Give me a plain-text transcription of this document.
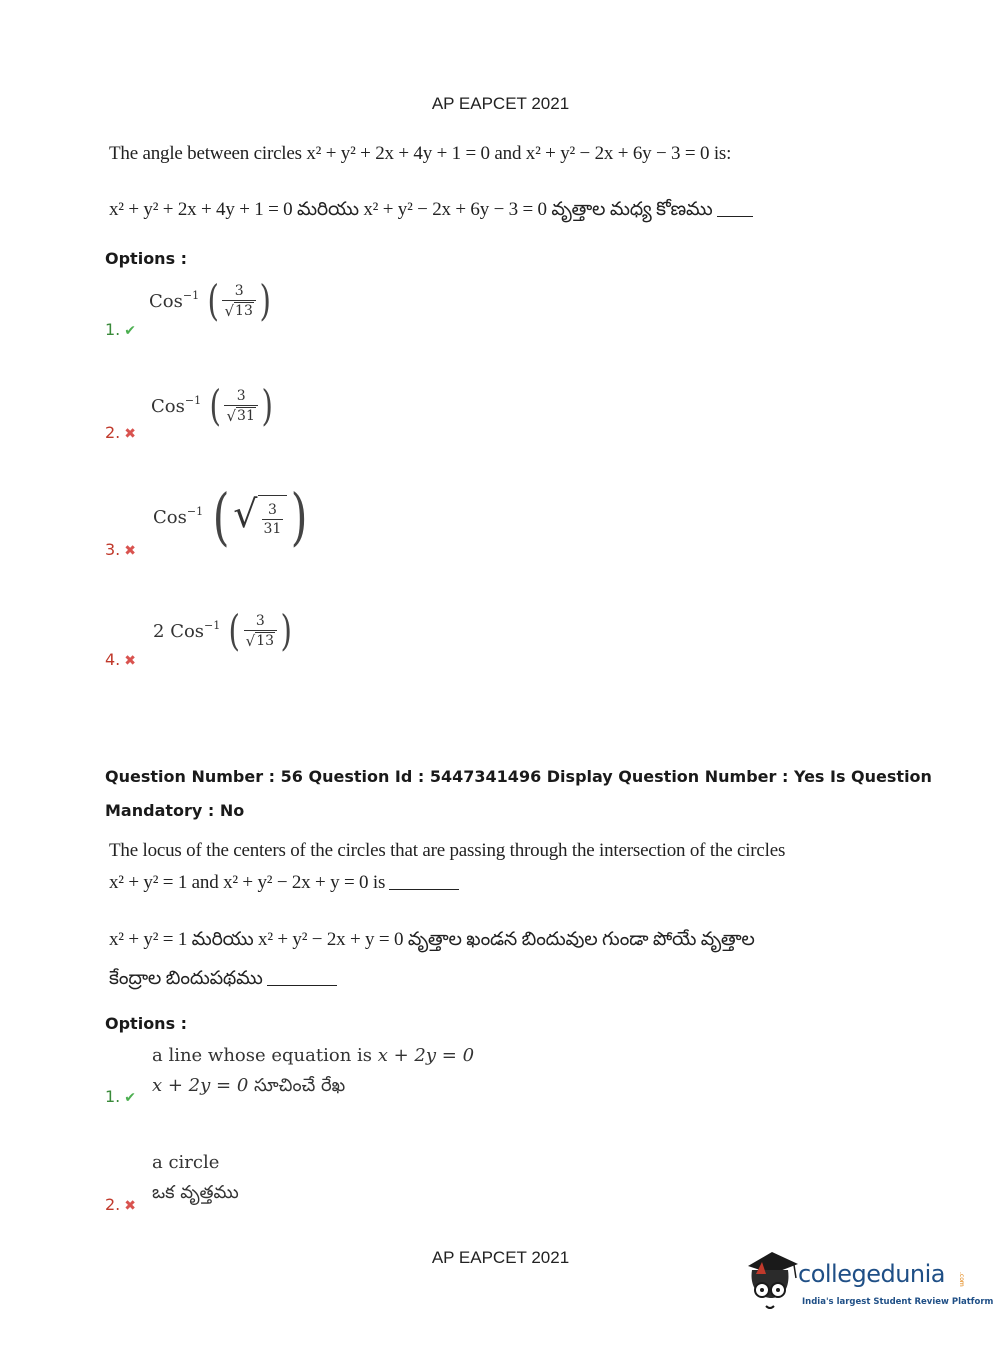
AP EAPCET 2021
The angle between circles x² + y² + 2x + 4y + 1 = 0 and x² + y² − 2x + 6y − 3 = 0 is:
x² + y² + 2x + 4y + 1 = 0 మరియు x² + y² − 2x + 6y − 3 = 0 వృత్తాల మధ్య కోణము
Options :
1. ✔
Cos$^{-1}$ ( $\frac{3}{√ 13}$ )
2. ✖
Cos$^{-1}$ ( $\frac{3}{√ 31}$ )
3. ✖
Cos$^{-1}$ ( √ $\frac{3}{31}$ )
4. ✖
2 Cos$^{-1}$ ( $\frac{3}{√ 13}$ )
Question Number : 56 Question Id : 5447341496 Display Question Number : Yes Is Question
Mandatory : No
The locus of the centers of the circles that are passing through the intersection of the circles
x² + y² = 1 and x² + y² − 2x + y = 0 is
x² + y² = 1 మరియు x² + y² − 2x + y = 0 వృత్తాల ఖండన బిందువుల గుండా పోయే వృత్తాల
కేంద్రాల బిందుపథము
Options :
a line whose equation is x + 2y = 0
x + 2y = 0 సూచించే రేఖ
1. ✔
a circle
ఒక వృత్తము
2. ✖
AP EAPCET 2021
collegedunia .com
India's largest Student Review Platform
